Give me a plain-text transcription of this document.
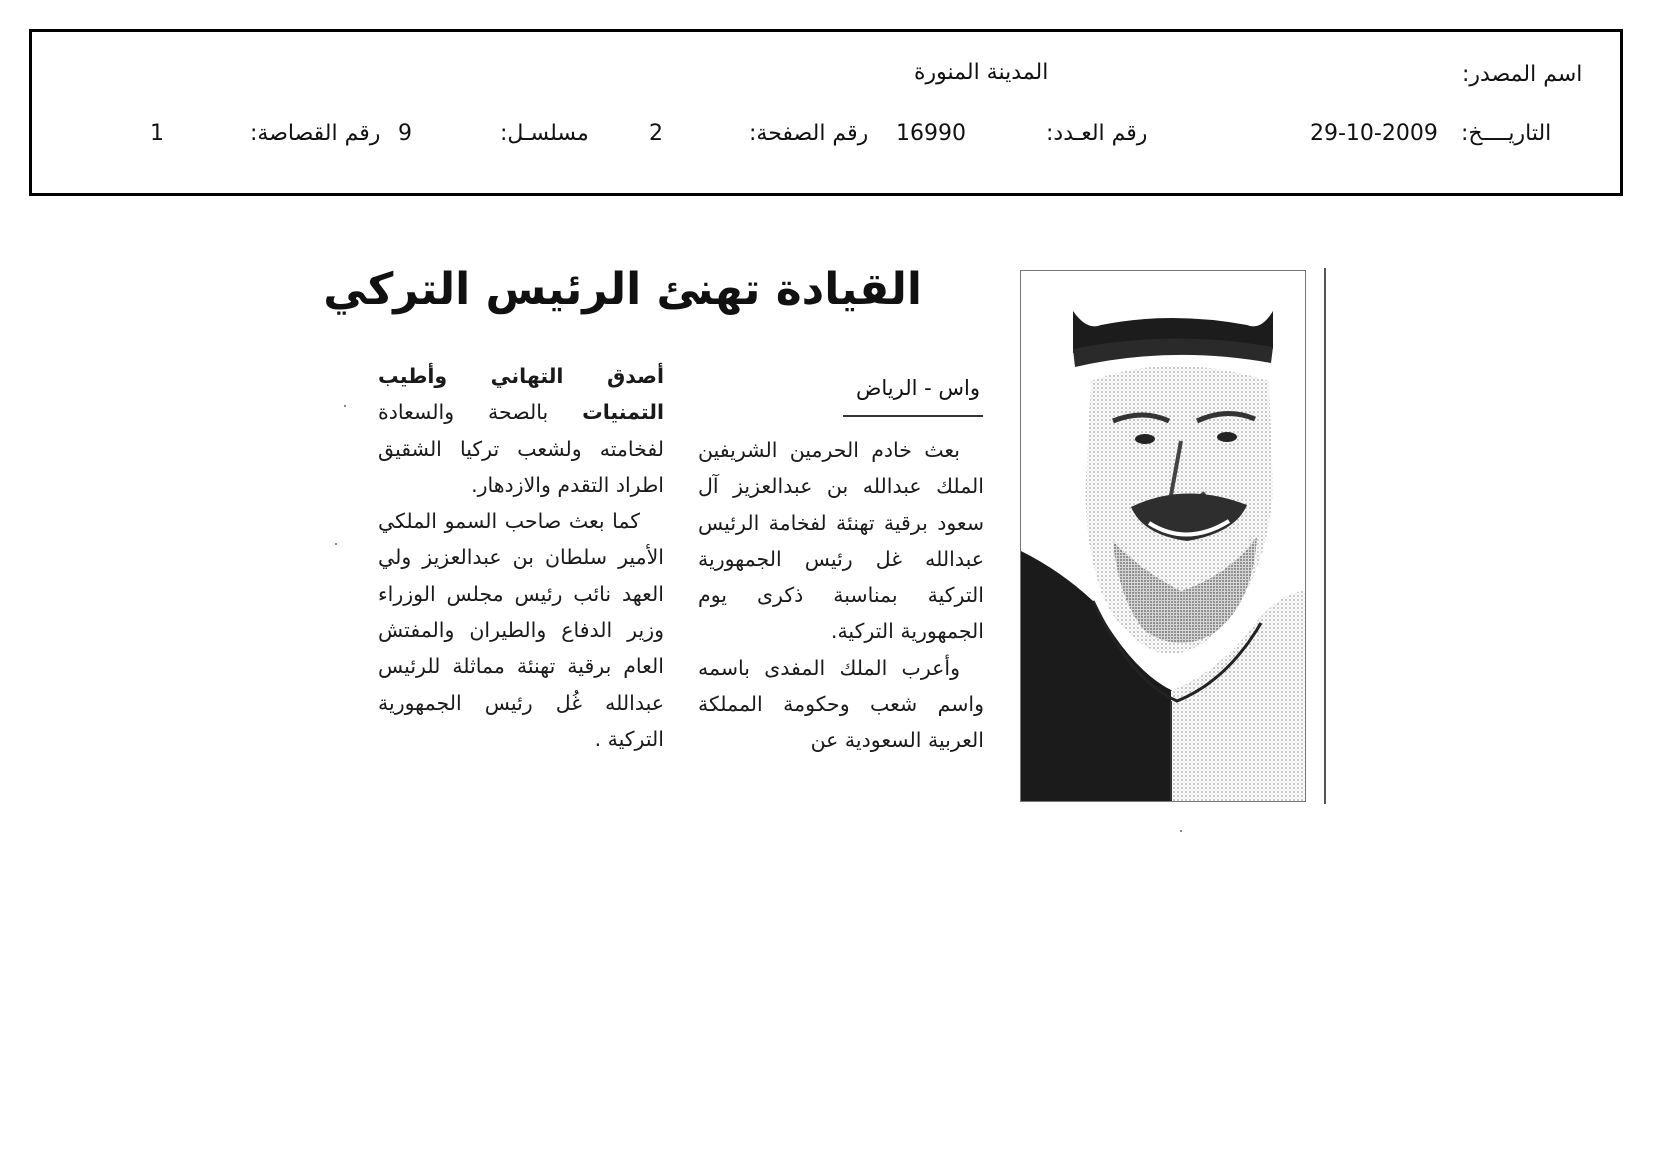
اسم المصدر:
المدينة المنورة
التاريــــخ:
29-10-2009
رقم العـدد:
16990
رقم الصفحة:
2
مسلسـل:
9
رقم القصاصة:
1
القيادة تهنئ الرئيس التركي
واس - الرياض

بعث خادم الحرمين الشريفين الملك عبدالله بن عبدالعزيز آل سعود برقية تهنئة لفخامة الرئيس عبدالله غل رئيس الجمهورية التركية بمناسبة ذكرى يوم الجمهورية التركية.

وأعرب الملك المفدى باسمه واسم شعب وحكومة المملكة العربية السعودية عن

أصدق التهاني وأطيب التمنيات بالصحة والسعادة لفخامته ولشعب تركيا الشقيق اطراد التقدم والازدهار.

كما بعث صاحب السمو الملكي الأمير سلطان بن عبدالعزيز ولي العهد نائب رئيس مجلس الوزراء وزير الدفاع والطيران والمفتش العام برقية تهنئة مماثلة للرئيس عبدالله غُل رئيس الجمهورية التركية .
